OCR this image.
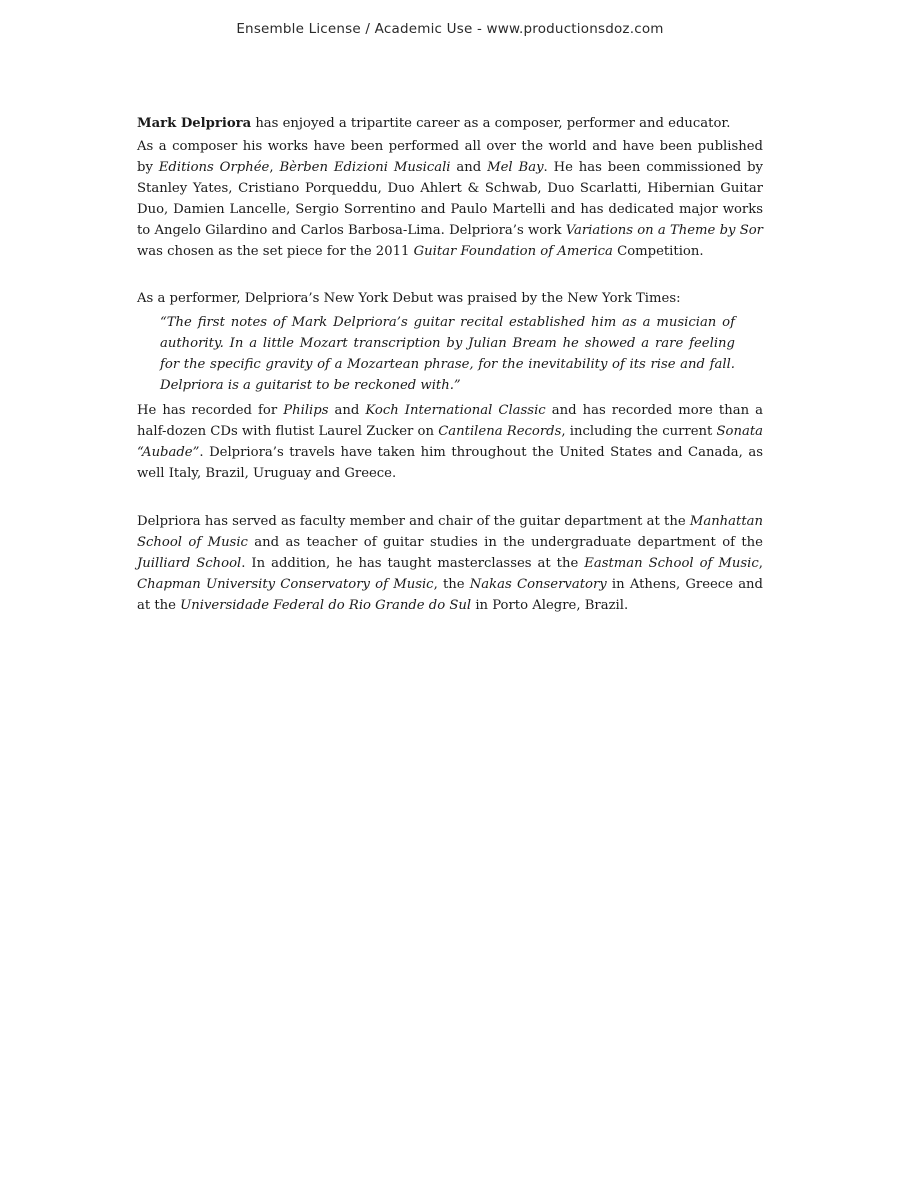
Ensemble License / Academic Use - www.productionsdoz.com

Mark Delpriora has enjoyed a tripartite career as a composer, performer and educator.

As a composer his works have been performed all over the world and have been published by Editions Orphée, Bèrben Edizioni Musicali and Mel Bay. He has been commissioned by Stanley Yates, Cristiano Porqueddu, Duo Ahlert & Schwab, Duo Scarlatti, Hibernian Guitar Duo, Damien Lancelle, Sergio Sorrentino and Paulo Martelli and has dedicated major works to Angelo Gilardino and Carlos Barbosa-Lima. Delpriora’s work Variations on a Theme by Sor was chosen as the set piece for the 2011 Guitar Foundation of America Competition.

As a performer, Delpriora’s New York Debut was praised by the New York Times:

“The first notes of Mark Delpriora’s guitar recital established him as a musician of authority. In a little Mozart transcription by Julian Bream he showed a rare feeling for the specific gravity of a Mozartean phrase, for the inevitability of its rise and fall. Delpriora is a guitarist to be reckoned with.”

He has recorded for Philips and Koch International Classic and has recorded more than a half-dozen CDs with flutist Laurel Zucker on Cantilena Records, including the current Sonata “Aubade”. Delpriora’s travels have taken him throughout the United States and Canada, as well Italy, Brazil, Uruguay and Greece.

Delpriora has served as faculty member and chair of the guitar department at the Manhattan School of Music and as teacher of guitar studies in the undergraduate department of the Juilliard School. In addition, he has taught masterclasses at the Eastman School of Music, Chapman University Conservatory of Music, the Nakas Conservatory in Athens, Greece and at the Universidade Federal do Rio Grande do Sul in Porto Alegre, Brazil.
